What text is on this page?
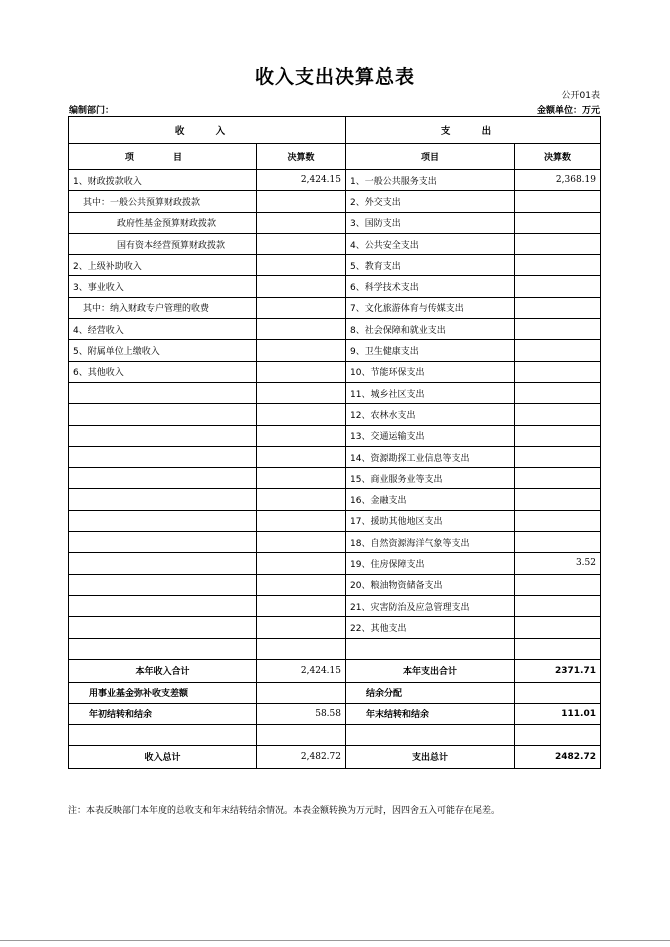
收入支出决算总表
公开01表
编制部门：	金额单位：万元
收 入		支 出	
项 目	决算数	项目	决算数
1、财政拨款收入	2,424.15	1、一般公共服务支出	2,368.19
其中：一般公共预算财政拨款		2、外交支出	
政府性基金预算财政拨款		3、国防支出	
国有资本经营预算财政拨款		4、公共安全支出	
2、上级补助收入		5、教育支出	
3、事业收入		6、科学技术支出	
其中：纳入财政专户管理的收费		7、文化旅游体育与传媒支出	
4、经营收入		8、社会保障和就业支出	
5、附属单位上缴收入		9、卫生健康支出	
6、其他收入		10、节能环保支出	
		11、城乡社区支出	
		12、农林水支出	
		13、交通运输支出	
		14、资源勘探工业信息等支出	
		15、商业服务业等支出	
		16、金融支出	
		17、援助其他地区支出	
		18、自然资源海洋气象等支出	
		19、住房保障支出	3.52
		20、粮油物资储备支出	
		21、灾害防治及应急管理支出	
		22、其他支出	

本年收入合计	2,424.15	本年支出合计	2371.71
用事业基金弥补收支差额		结余分配	
年初结转和结余	58.58	年末结转和结余	111.01

收入总计	2,482.72	支出总计	2482.72
注：本表反映部门本年度的总收支和年末结转结余情况。本表金额转换为万元时，因四舍五入可能存在尾差。
